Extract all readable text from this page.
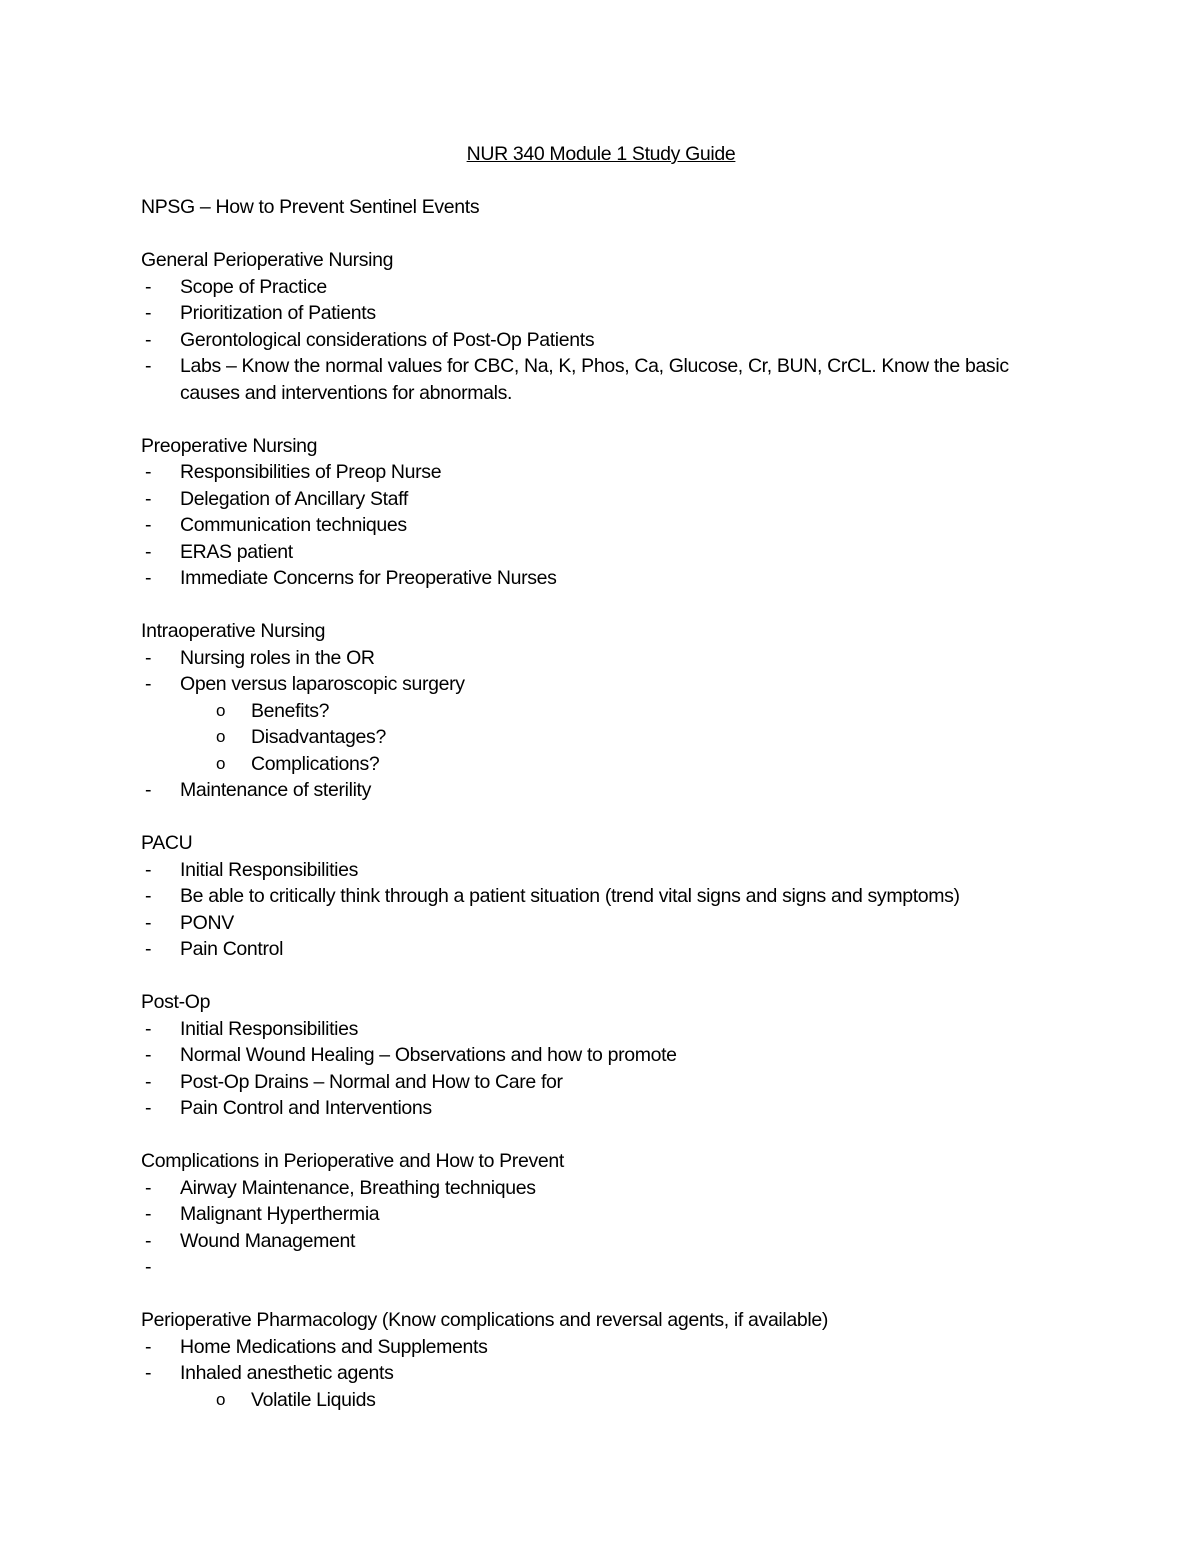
NUR 340 Module 1 Study Guide

NPSG – How to Prevent Sentinel Events

General Perioperative Nursing

- Scope of Practice
- Prioritization of Patients
- Gerontological considerations of Post-Op Patients
- Labs – Know the normal values for CBC, Na, K, Phos, Ca, Glucose, Cr, BUN, CrCL. Know the basic causes and interventions for abnormals.

Preoperative Nursing

- Responsibilities of Preop Nurse
- Delegation of Ancillary Staff
- Communication techniques
- ERAS patient
- Immediate Concerns for Preoperative Nurses

Intraoperative Nursing

- Nursing roles in the OR
- Open versus laparoscopic surgery
o Benefits?
o Disadvantages?
o Complications?
- Maintenance of sterility

PACU

- Initial Responsibilities
- Be able to critically think through a patient situation (trend vital signs and signs and symptoms)
- PONV
- Pain Control

Post-Op

- Initial Responsibilities
- Normal Wound Healing – Observations and how to promote
- Post-Op Drains – Normal and How to Care for
- Pain Control and Interventions

Complications in Perioperative and How to Prevent

- Airway Maintenance, Breathing techniques
- Malignant Hyperthermia
- Wound Management
-

Perioperative Pharmacology (Know complications and reversal agents, if available)

- Home Medications and Supplements
- Inhaled anesthetic agents
o Volatile Liquids
